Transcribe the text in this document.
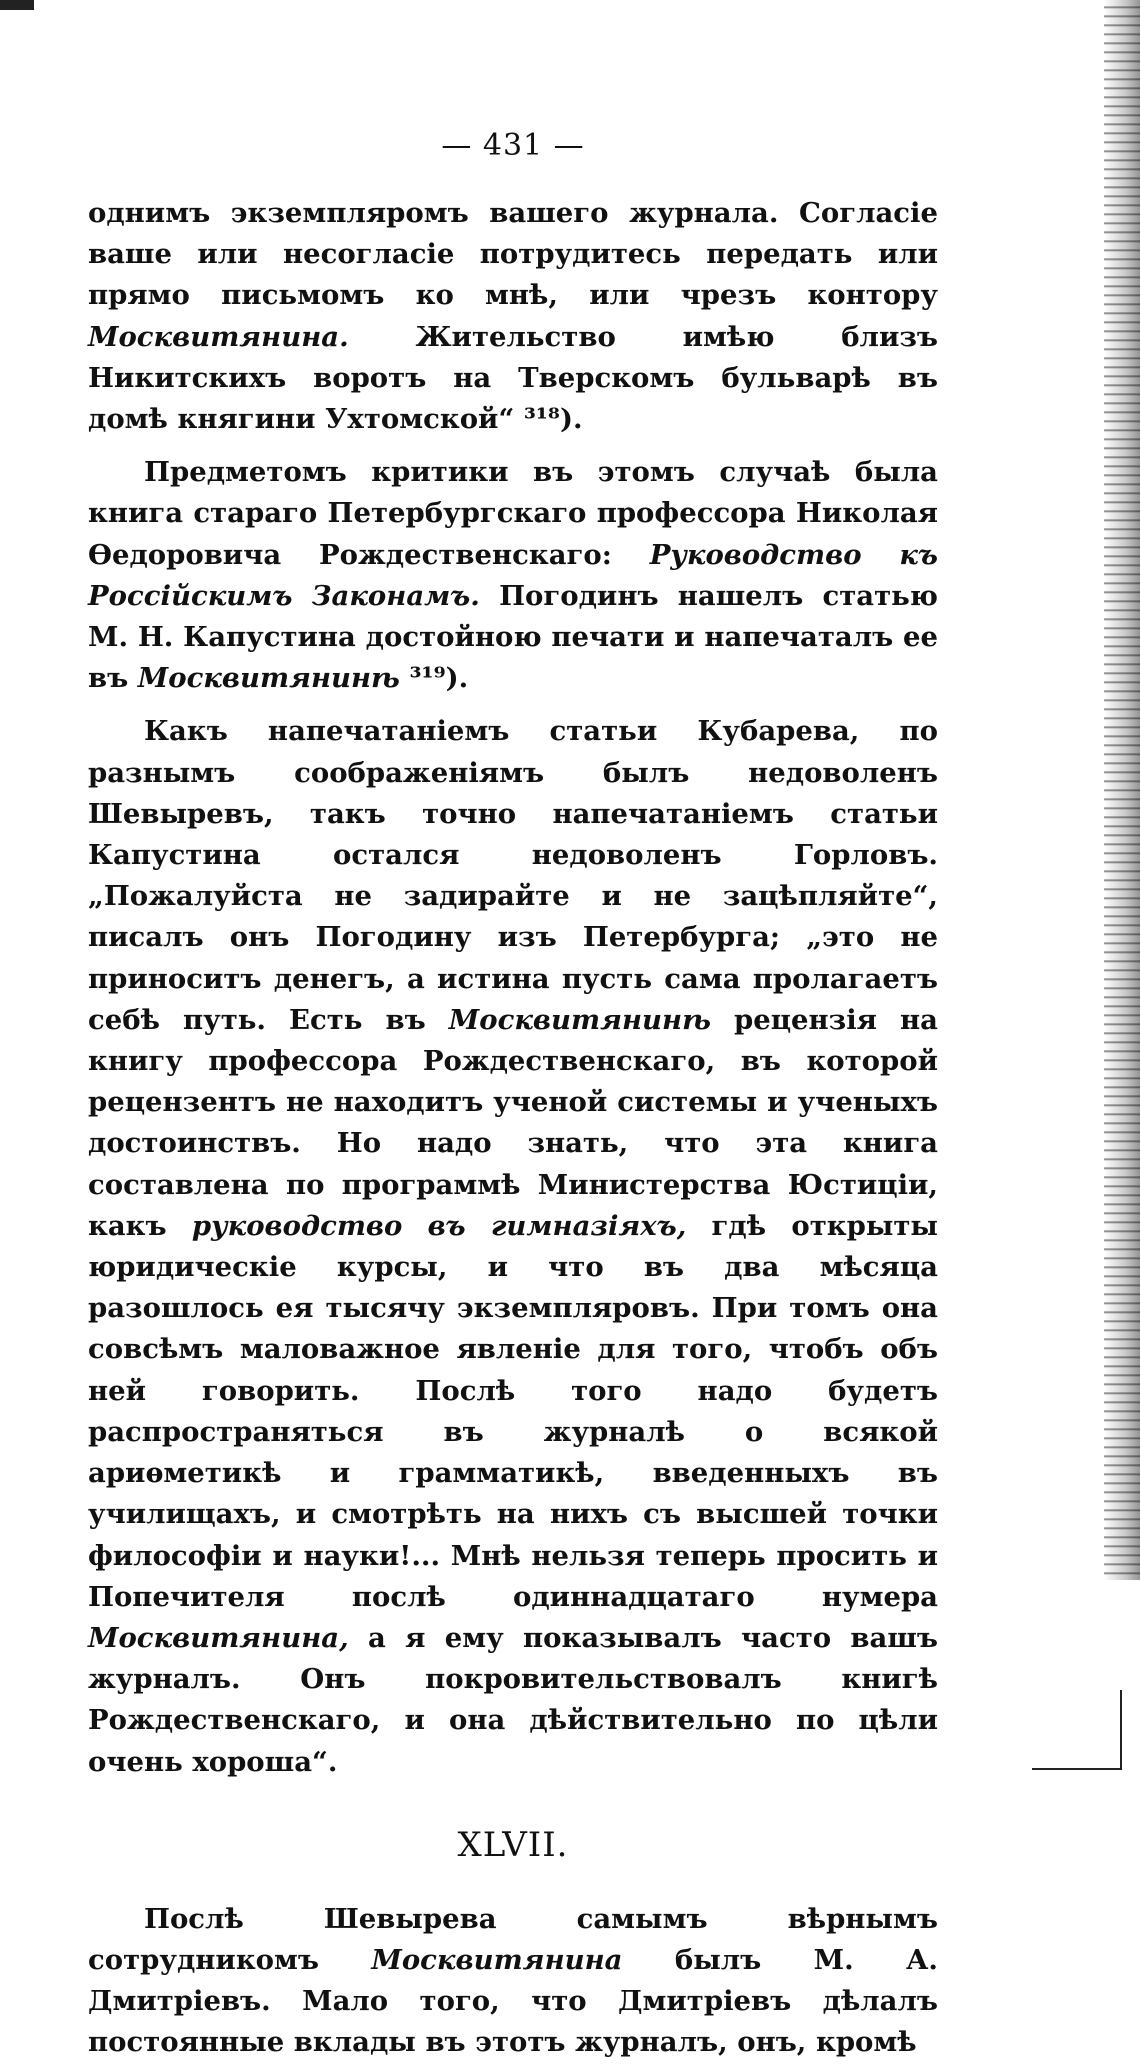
— 431 —

однимъ экземпляромъ вашего журнала. Согласіе ваше или несогласіе потрудитесь передать или прямо письмомъ ко мнѣ, или чрезъ контору Москвитянина. Жительство имѣю близъ Никитскихъ воротъ на Тверскомъ бульварѣ въ домѣ княгини Ухтомской“ ³¹⁸).

Предметомъ критики въ этомъ случаѣ была книга стараго Петербургскаго профессора Николая Ѳедоровича Рождественскаго: Руководство къ Россійскимъ Законамъ. Погодинъ нашелъ статью М. Н. Капустина достойною печати и напечаталъ ее въ Москвитянинѣ ³¹⁹).

Какъ напечатаніемъ статьи Кубарева, по разнымъ соображеніямъ былъ недоволенъ Шевыревъ, такъ точно напечатаніемъ статьи Капустина остался недоволенъ Горловъ. „Пожалуйста не задирайте и не зацѣпляйте“, писалъ онъ Погодину изъ Петербурга; „это не приноситъ денегъ, а истина пусть сама пролагаетъ себѣ путь. Есть въ Москвитянинѣ рецензія на книгу профессора Рождественскаго, въ которой рецензентъ не находитъ ученой системы и ученыхъ достоинствъ. Но надо знать, что эта книга составлена по программѣ Министерства Юстиціи, какъ руководство въ гимназіяхъ, гдѣ открыты юридическіе курсы, и что въ два мѣсяца разошлось ея тысячу экземпляровъ. При томъ она совсѣмъ маловажное явленіе для того, чтобъ объ ней говорить. Послѣ того надо будетъ распространяться въ журналѣ о всякой ариѳметикѣ и грамматикѣ, введенныхъ въ училищахъ, и смотрѣть на нихъ съ высшей точки философіи и науки!... Мнѣ нельзя теперь просить и Попечителя послѣ одиннадцатаго нумера Москвитянина, а я ему показывалъ часто вашъ журналъ. Онъ покровительствовалъ книгѣ Рождественскаго, и она дѣйствительно по цѣли очень хороша“.

XLVII.

Послѣ Шевырева самымъ вѣрнымъ сотрудникомъ Москвитянина былъ М. А. Дмитріевъ. Мало того, что Дмитріевъ дѣлалъ постоянные вклады въ этотъ журналъ, онъ, кромѣ
